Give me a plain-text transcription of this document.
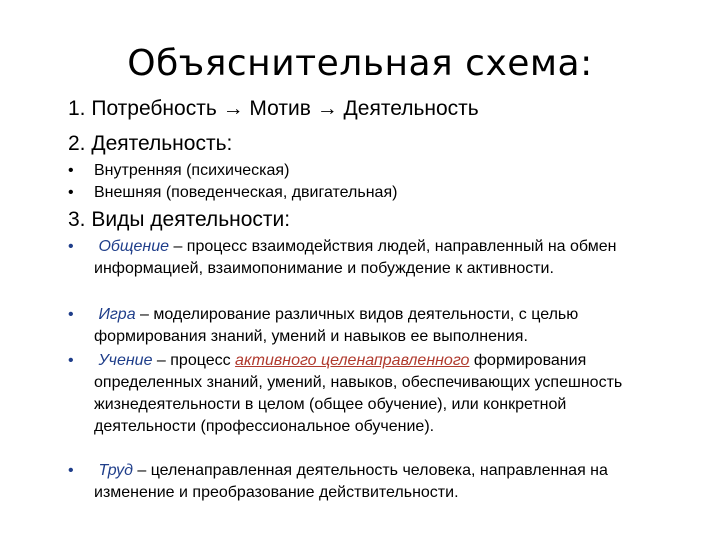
Объяснительная схема:
1. Потребность → Мотив → Деятельность
2. Деятельность:
• Внутренняя (психическая)
• Внешняя (поведенческая, двигательная)
3. Виды деятельности:
•	Общение – процесс взаимодействия людей, направленный на обмен информацией, взаимопонимание и побуждение к активности.
•	Игра – моделирование различных видов деятельности, с целью формирования знаний, умений и навыков ее выполнения.
•	Учение – процесс активного целенаправленного формирования определенных знаний, умений, навыков, обеспечивающих успешность жизнедеятельности в целом (общее обучение), или конкретной деятельности (профессиональное обучение).
•	Труд – целенаправленная деятельность человека, направленная на изменение и преобразование действительности.
